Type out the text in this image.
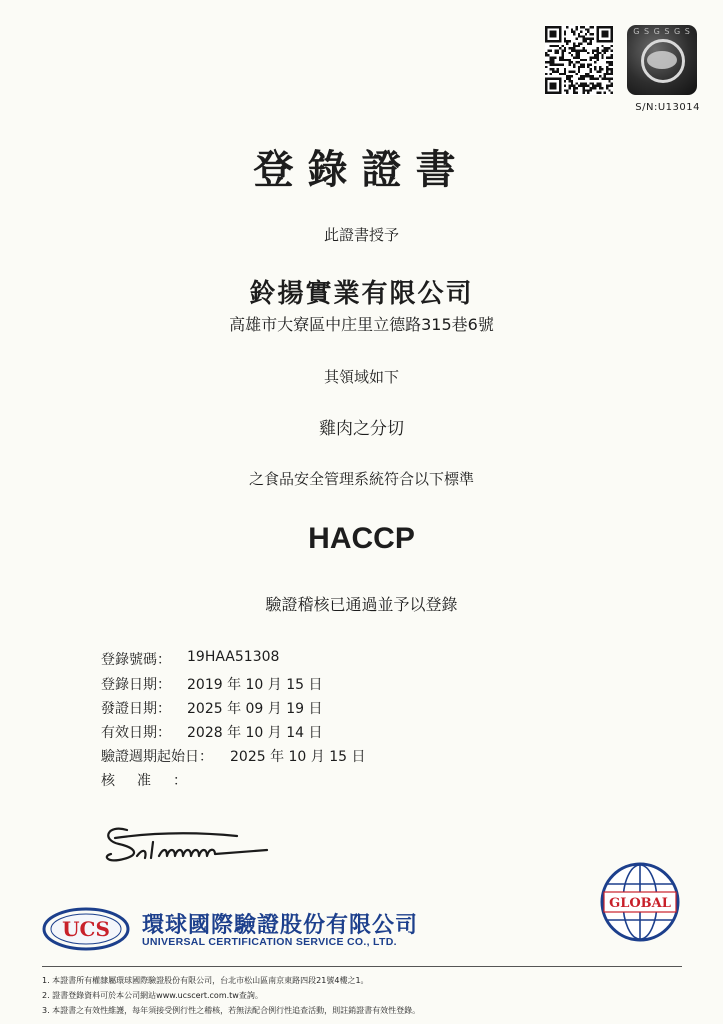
G S G S G S
S/N:U13014
登錄證書
此證書授予
鈴揚實業有限公司
高雄市大寮區中庄里立德路315巷6號
其領域如下
雞肉之分切
之食品安全管理系統符合以下標準
HACCP
驗證稽核已通過並予以登錄
登錄號碼： 19HAA51308
登錄日期： 2019 年 10 月 15 日
發證日期： 2025 年 09 月 19 日
有效日期： 2028 年 10 月 14 日
驗證週期起始日： 2025 年 10 月 15 日
核准：
UCS 環球國際驗證股份有限公司
UNIVERSAL CERTIFICATION SERVICE CO., LTD.
GLOBAL
1. 本證書所有權隸屬環球國際驗證股份有限公司，台北市松山區南京東路四段21號4樓之1。
2. 證書登錄資料可於本公司網站www.ucscert.com.tw查詢。
3. 本證書之有效性維護，每年須接受例行性之稽核，若無法配合例行性追查活動，則註銷證書有效性登錄。
